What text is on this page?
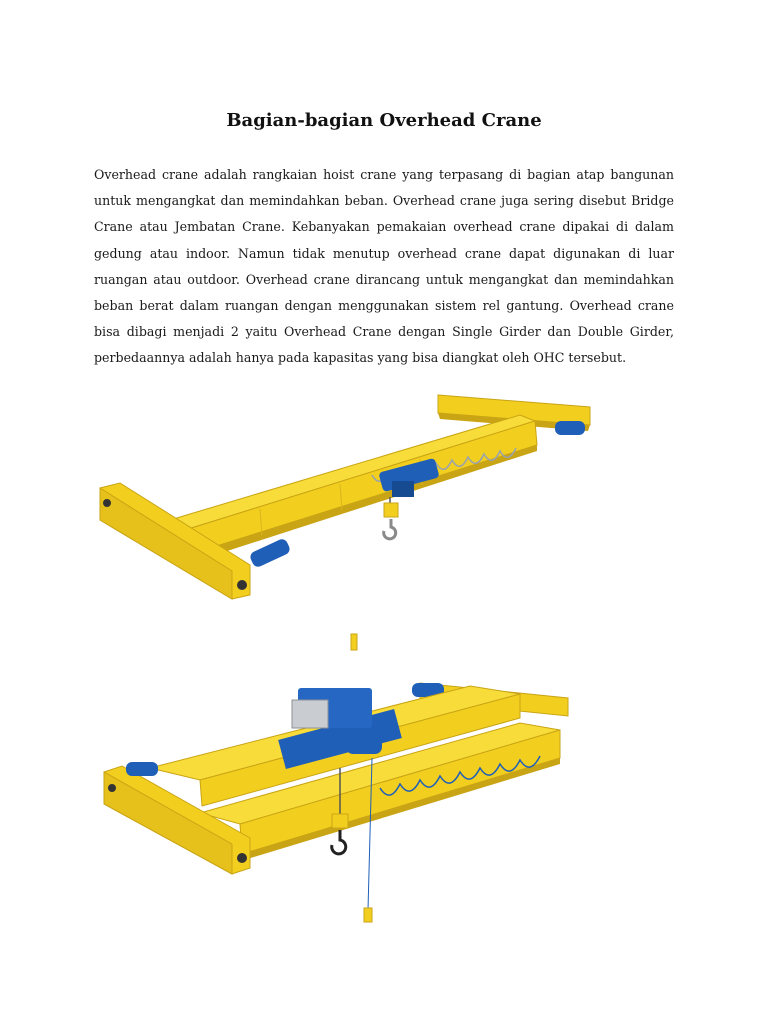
Bagian-bagian Overhead Crane
Overhead crane adalah rangkaian hoist crane yang terpasang di bagian atap bangunan
untuk mengangkat dan memindahkan beban. Overhead crane juga sering disebut Bridge
Crane atau Jembatan Crane. Kebanyakan pemakaian overhead crane dipakai di dalam
gedung atau indoor. Namun tidak menutup overhead crane dapat digunakan di luar
ruangan atau outdoor. Overhead crane dirancang untuk mengangkat dan memindahkan
beban berat dalam ruangan dengan menggunakan sistem rel gantung. Overhead crane
bisa dibagi menjadi 2 yaitu Overhead Crane dengan Single Girder dan Double Girder,
perbedaannya adalah hanya pada kapasitas yang bisa diangkat oleh OHC tersebut.
